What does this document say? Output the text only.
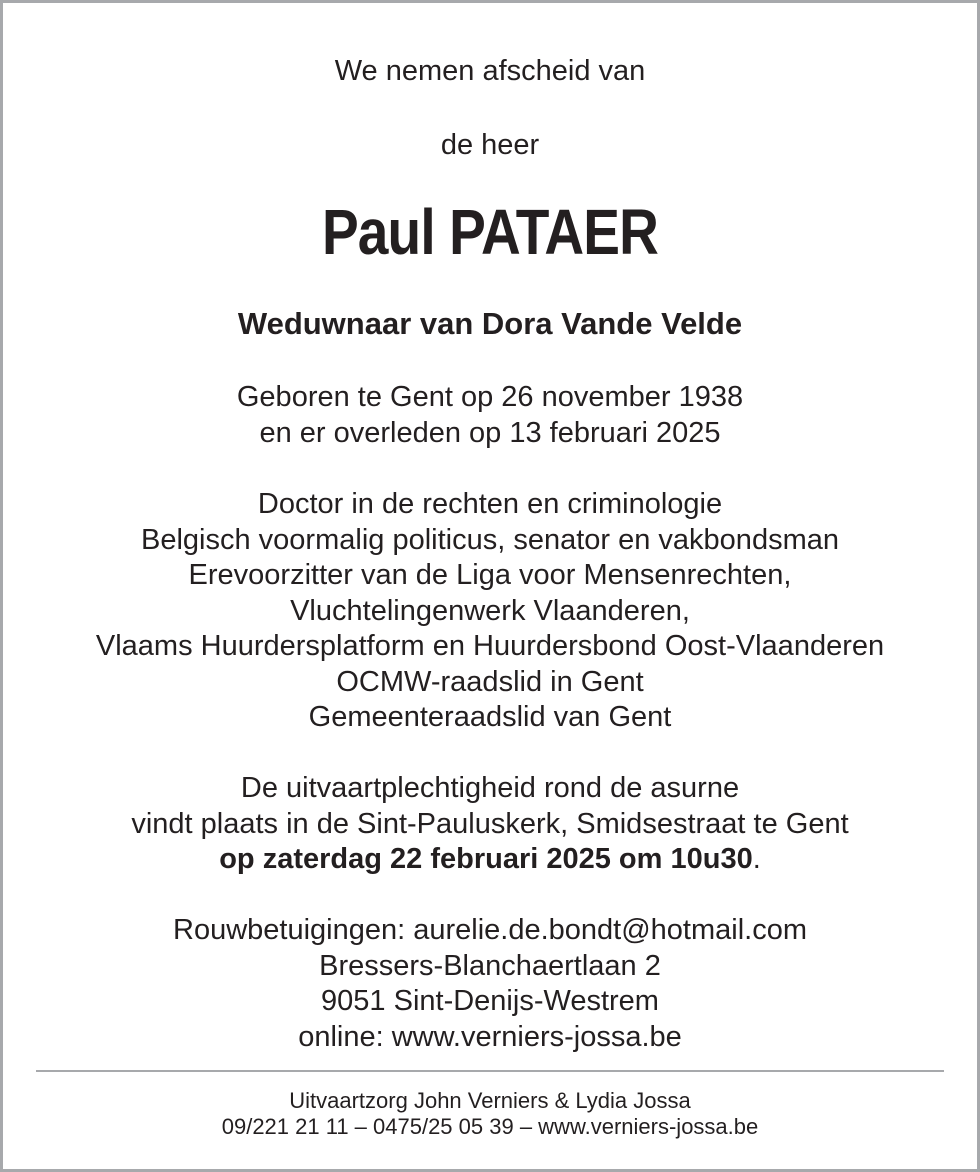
We nemen afscheid van
de heer
Paul PATAER
Weduwnaar van Dora Vande Velde
Geboren te Gent op 26 november 1938
en er overleden op 13 februari 2025
Doctor in de rechten en criminologie
Belgisch voormalig politicus, senator en vakbondsman
Erevoorzitter van de Liga voor Mensenrechten,
Vluchtelingenwerk Vlaanderen,
Vlaams Huurdersplatform en Huurdersbond Oost-Vlaanderen
OCMW-raadslid in Gent
Gemeenteraadslid van Gent
De uitvaartplechtigheid rond de asurne
vindt plaats in de Sint-Pauluskerk, Smidsestraat te Gent
op zaterdag 22 februari 2025 om 10u30.
Rouwbetuigingen: aurelie.de.bondt@hotmail.com
Bressers-Blanchaertlaan 2
9051 Sint-Denijs-Westrem
online: www.verniers-jossa.be
Uitvaartzorg John Verniers & Lydia Jossa
09/221 21 11 – 0475/25 05 39 – www.verniers-jossa.be
